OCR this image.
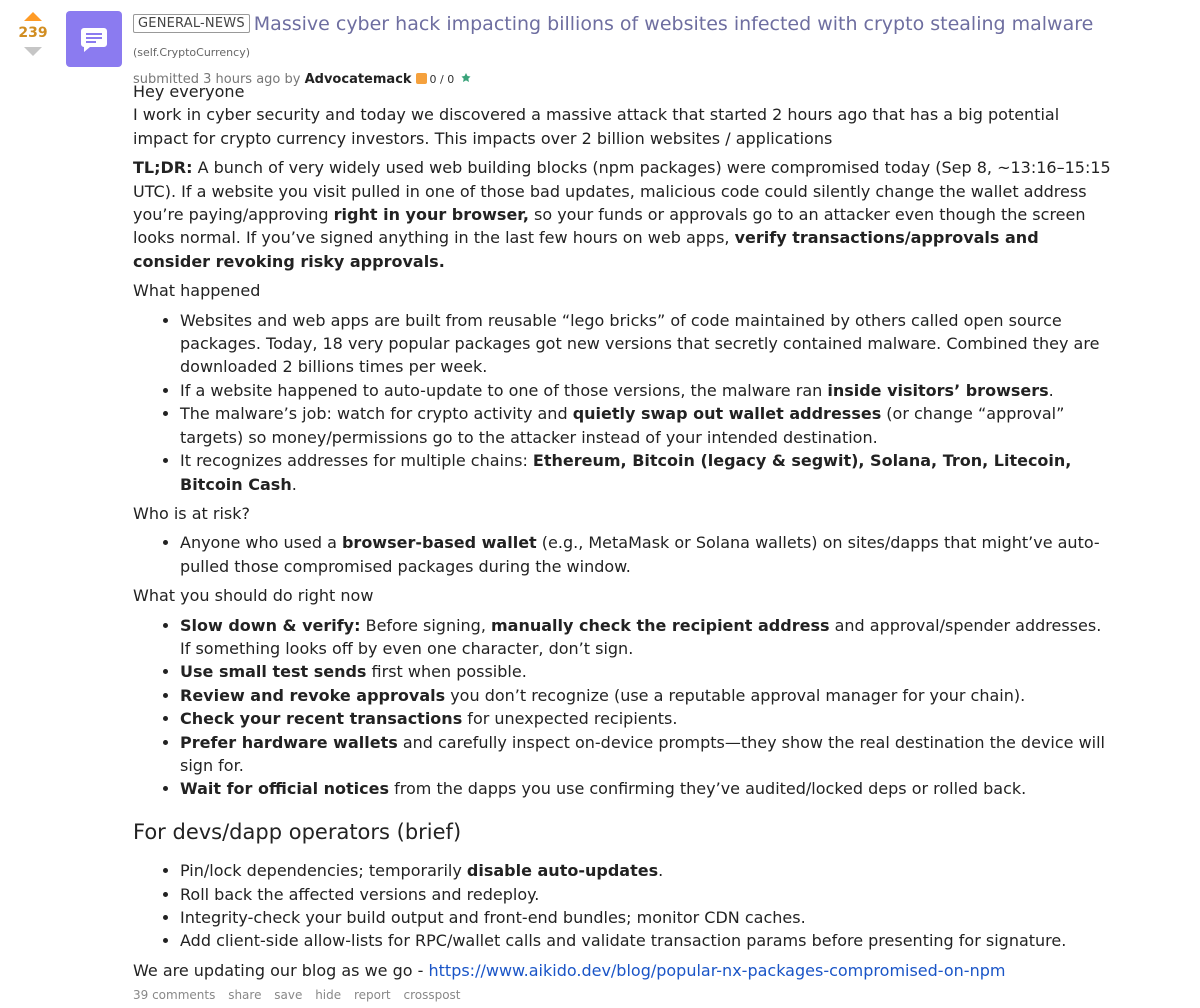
239
GENERAL-NEWS Massive cyber hack impacting billions of websites infected with crypto stealing malware (self.CryptoCurrency)
submitted 3 hours ago by Advocatemack 0 / 0

Hey everyone
I work in cyber security and today we discovered a massive attack that started 2 hours ago that has a big potential impact for crypto currency investors. This impacts over 2 billion websites / applications

TL;DR: A bunch of very widely used web building blocks (npm packages) were compromised today (Sep 8, ~13:16–15:15 UTC). If a website you visit pulled in one of those bad updates, malicious code could silently change the wallet address you’re paying/approving right in your browser, so your funds or approvals go to an attacker even though the screen looks normal. If you’ve signed anything in the last few hours on web apps, verify transactions/approvals and consider revoking risky approvals.

What happened

• Websites and web apps are built from reusable “lego bricks” of code maintained by others called open source packages. Today, 18 very popular packages got new versions that secretly contained malware. Combined they are downloaded 2 billions times per week.
• If a website happened to auto-update to one of those versions, the malware ran inside visitors’ browsers.
• The malware’s job: watch for crypto activity and quietly swap out wallet addresses (or change “approval” targets) so money/permissions go to the attacker instead of your intended destination.
• It recognizes addresses for multiple chains: Ethereum, Bitcoin (legacy & segwit), Solana, Tron, Litecoin, Bitcoin Cash.

Who is at risk?

• Anyone who used a browser-based wallet (e.g., MetaMask or Solana wallets) on sites/dapps that might’ve auto-pulled those compromised packages during the window.

What you should do right now

• Slow down & verify: Before signing, manually check the recipient address and approval/spender addresses. If something looks off by even one character, don’t sign.
• Use small test sends first when possible.
• Review and revoke approvals you don’t recognize (use a reputable approval manager for your chain).
• Check your recent transactions for unexpected recipients.
• Prefer hardware wallets and carefully inspect on-device prompts—they show the real destination the device will sign for.
• Wait for official notices from the dapps you use confirming they’ve audited/locked deps or rolled back.
For devs/dapp operators (brief)
• Pin/lock dependencies; temporarily disable auto-updates.
• Roll back the affected versions and redeploy.
• Integrity-check your build output and front-end bundles; monitor CDN caches.
• Add client-side allow-lists for RPC/wallet calls and validate transaction params before presenting for signature.

We are updating our blog as we go - https://www.aikido.dev/blog/popular-nx-packages-compromised-on-npm

39 comments share save hide report crosspost
